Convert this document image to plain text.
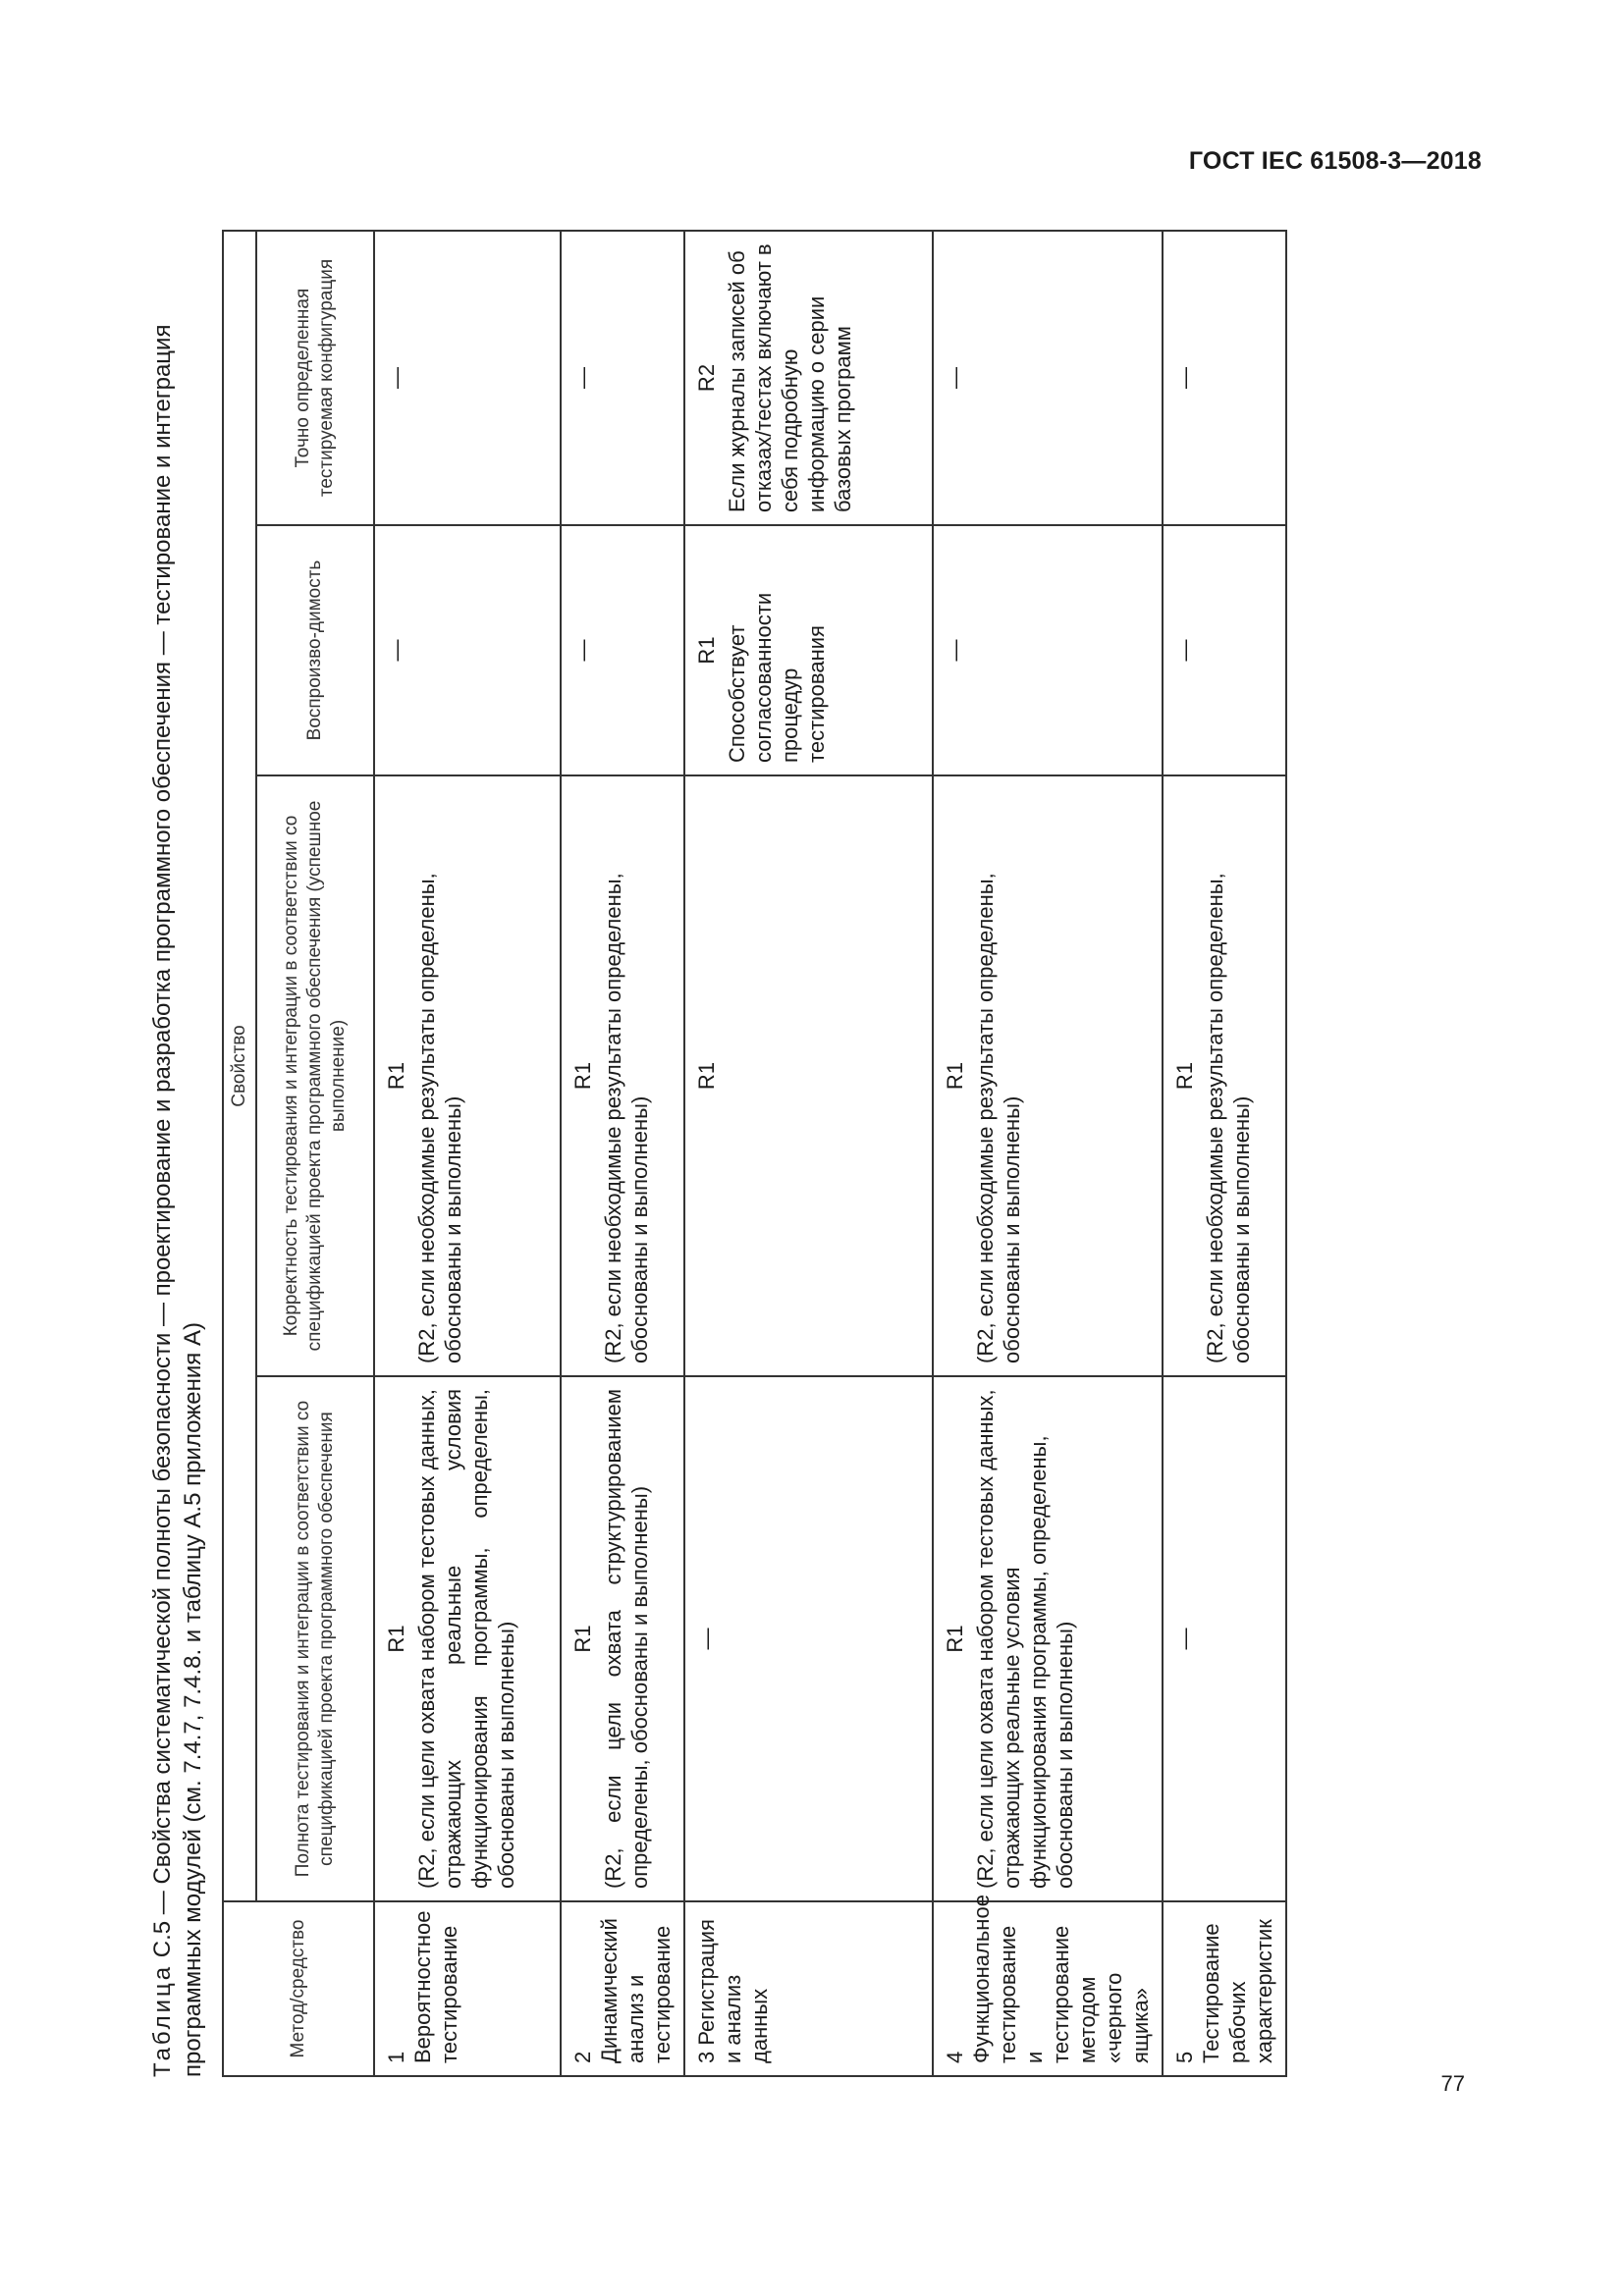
ГОСТ IEC 61508-3—2018
Таблица С.5 — Свойства систематической полноты безопасности — проектирование и разработка программного обеспечения — тестирование и интеграция программных модулей (см. 7.4.7, 7.4.8. и таблицу А.5 приложения А)	Метод/средство	Свойство			
	Полнота тестирования и интеграции в соответствии со спецификацией проекта программного обеспечения	Корректность тестирования и интеграции в соответствии со спецификацией проекта программного обеспечения (успешное выполнение)	Воспроизво-димость	Точно определенная тестируемая конфигурация
1 Вероятностное тестирование	R1 (R2, если цели охвата набором тестовых данных, отражающих реальные условия функционирования программы, определены, обоснованы и выполнены)	R1 (R2, если необходимые результаты определены, обоснованы и выполнены)	—	—

2 Динамический анализ и тестирование	R1 (R2, если цели охвата структурированием определены, обоснованы и выполнены)	R1 (R2, если необходимые результаты определены, обоснованы и выполнены)	—	—

3 Регистрация и анализ данных	—	R1	R1 Способствует согласованности процедур тестирования	R2 Если журналы записей об отказах/тестах включают в себя подробную информацию о серии базовых программ

4 Функциональное тестирование и тестирование методом «черного ящика»	R1 (R2, если цели охвата набором тестовых данных, отражающих реальные условия функционирования программы, определены, обоснованы и выполнены)	R1 (R2, если необходимые результаты определены, обоснованы и выполнены)	—	—

5 Тестирование рабочих характеристик	—	R1 (R2, если необходимые результаты определены, обоснованы и выполнены)	—	—
77
